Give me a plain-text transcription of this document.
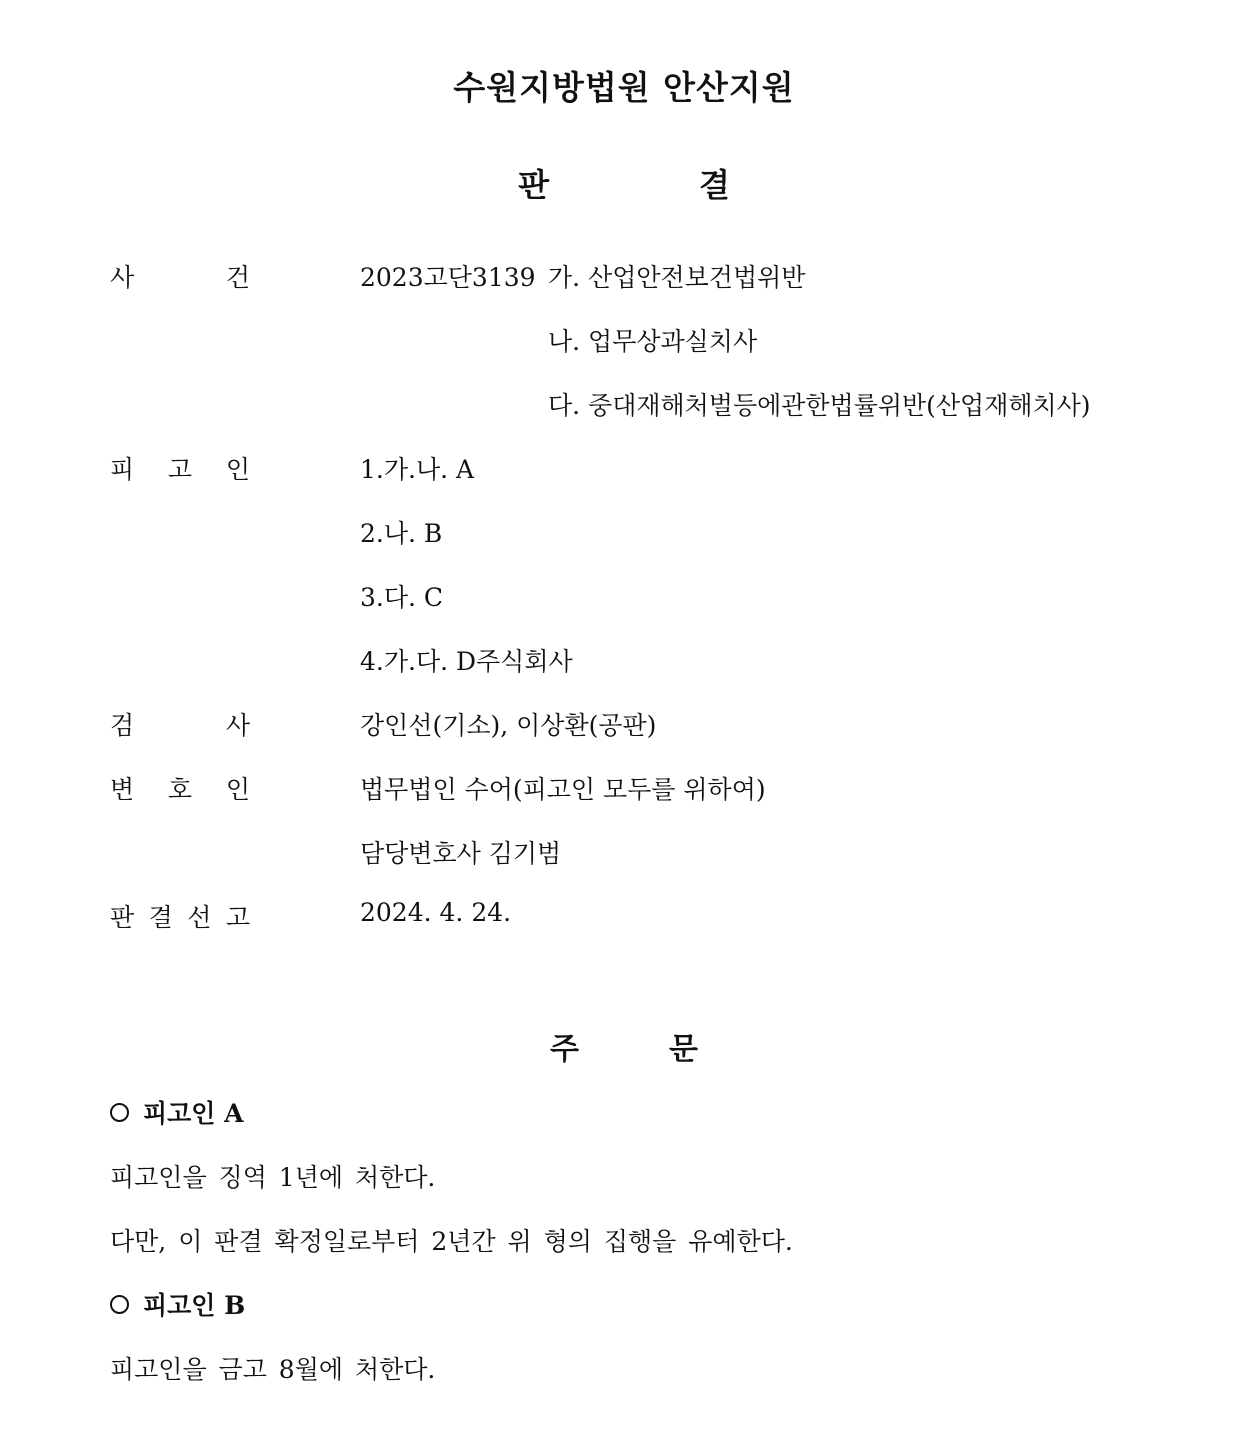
수원지방법원 안산지원
판	결
사	건	2023고단3139 가. 산업안전보건법위반
나. 업무상과실치사
다. 중대재해처벌등에관한법률위반(산업재해치사)
피 고 인	1.가.나. A
2.나. B
3.다. C
4.가.다. D주식회사
검	사	강인선(기소), 이상환(공판)
변 호 인	법무법인 수어(피고인 모두를 위하여)
담당변호사 김기범
판 결 선 고	2024. 4. 24.
주	문
피고인 A
피고인을 징역 1년에 처한다.
다만, 이 판결 확정일로부터 2년간 위 형의 집행을 유예한다.
피고인 B
피고인을 금고 8월에 처한다.
